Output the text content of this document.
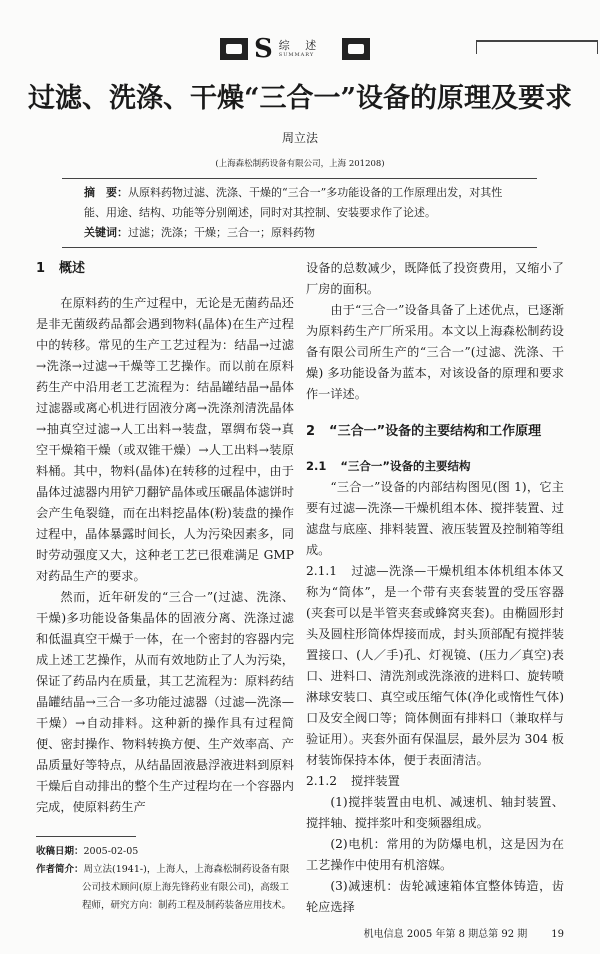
S 综 述
SUMMARY
过滤、洗涤、干燥“三合一”设备的原理及要求
周立法
(上海森松制药设备有限公司，上海 201208)
摘　要：从原料药物过滤、洗涤、干燥的“三合一”多功能设备的工作原理出发，对其性能、用途、结构、功能等分别阐述，同时对其控制、安装要求作了论述。
关键词：过滤；洗涤；干燥；三合一；原料药物
1 概述

在原料药的生产过程中，无论是无菌药品还是非无菌级药品都会遇到物料(晶体)在生产过程中的转移。常见的生产工艺过程为：结晶→过滤→洗涤→过滤→干燥等工艺操作。而以前在原料药生产中沿用老工艺流程为：结晶罐结晶→晶体过滤器或离心机进行固液分离→洗涤剂清洗晶体→抽真空过滤→人工出料→装盘，罩绸布袋→真空干燥箱干燥（或双锥干燥）→人工出料→装原料桶。其中，物料(晶体)在转移的过程中，由于晶体过滤器内用铲刀翻铲晶体或压碾晶体滤饼时会产生龟裂缝，而在出料挖晶体(粉)装盘的操作过程中，晶体暴露时间长，人为污染因素多，同时劳动强度又大，这种老工艺已很难满足 GMP 对药品生产的要求。

然而，近年研发的“三合一”(过滤、洗涤、干燥)多功能设备集晶体的固液分离、洗涤过滤和低温真空干燥于一体，在一个密封的容器内完成上述工艺操作，从而有效地防止了人为污染，保证了药品内在质量，其工艺流程为：原料药结晶罐结晶→三合一多功能过滤器（过滤—洗涤—干燥）→自动排料。这种新的操作具有过程简便、密封操作、物料转换方便、生产效率高、产品质量好等特点，从结晶固液悬浮液进料到原料干燥后自动排出的整个生产过程均在一个容器内完成，使原料药生产

收稿日期：2005-02-05
作者简介：周立法(1941-)，上海人，上海森松制药设备有限公司技术顾问(原上海先锋药业有限公司)，高级工程师，研究方向：制药工程及制药装备应用技术。

设备的总数减少，既降低了投资费用，又缩小了厂房的面积。

由于“三合一”设备具备了上述优点，已逐渐为原料药生产厂所采用。本文以上海森松制药设备有限公司所生产的“三合一”(过滤、洗涤、干燥) 多功能设备为蓝本，对该设备的原理和要求作一详述。

2 “三合一”设备的主要结构和工作原理
2.1 “三合一”设备的主要结构

“三合一”设备的内部结构图见(图 1)，它主要有过滤—洗涤—干燥机组本体、搅拌装置、过滤盘与底座、排料装置、液压装置及控制箱等组成。

2.1.1 过滤—洗涤—干燥机组本体机组本体又称为“筒体”，是一个带有夹套装置的受压容器(夹套可以是半管夹套或蜂窝夹套)。由椭圆形封头及圆柱形筒体焊接而成，封头顶部配有搅拌装置接口、(人／手)孔、灯视镜、(压力／真空)表口、进料口、清洗剂或洗涤液的进料口、旋转喷淋球安装口、真空或压缩气体(净化或惰性气体)口及安全阀口等；筒体侧面有排料口（兼取样与验证用）。夹套外面有保温层，最外层为 304 板材装饰保持本体，便于表面清洁。

2.1.2 搅拌装置

(1)搅拌装置由电机、减速机、轴封装置、搅拌轴、搅拌浆叶和变频器组成。

(2)电机：常用的为防爆电机，这是因为在工艺操作中使用有机溶媒。

(3)减速机：齿轮减速箱体宜整体铸造，齿轮应选择

机电信息 2005 年第 8 期总第 92 期 19
